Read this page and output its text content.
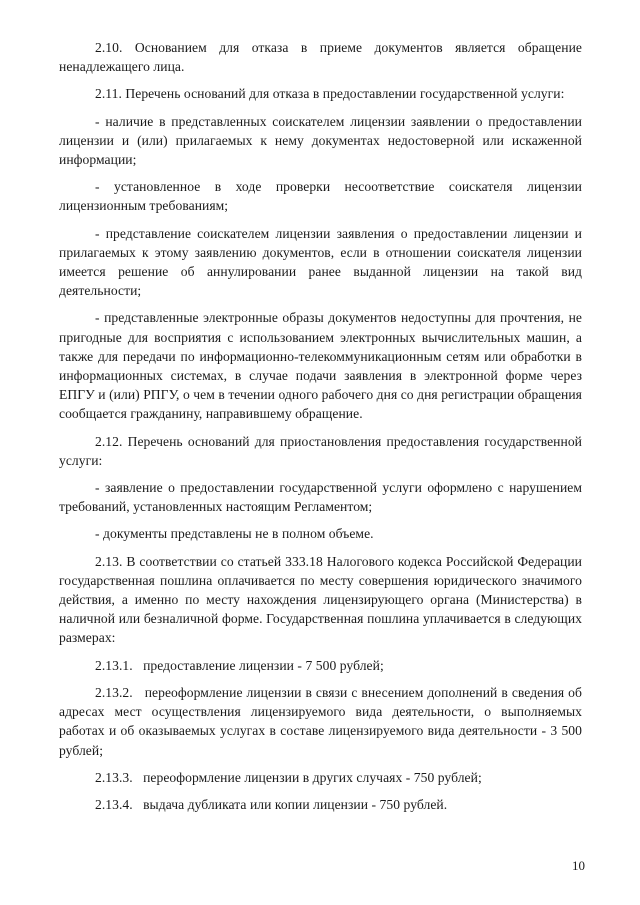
2.10. Основанием для отказа в приеме документов является обращение ненадлежащего лица.

2.11. Перечень оснований для отказа в предоставлении государственной услуги:

- наличие в представленных соискателем лицензии заявлении о предоставлении лицензии и (или) прилагаемых к нему документах недостоверной или искаженной информации;

- установленное в ходе проверки несоответствие соискателя лицензии лицензионным требованиям;

- представление соискателем лицензии заявления о предоставлении лицензии и прилагаемых к этому заявлению документов, если в отношении соискателя лицензии имеется решение об аннулировании ранее выданной лицензии на такой вид деятельности;

- представленные электронные образы документов недоступны для прочтения, не пригодные для восприятия с использованием электронных вычислительных машин, а также для передачи по информационно-телекоммуникационным сетям или обработки в информационных системах, в случае подачи заявления в электронной форме через ЕПГУ и (или) РПГУ, о чем в течении одного рабочего дня со дня регистрации обращения сообщается гражданину, направившему обращение.

2.12. Перечень оснований для приостановления предоставления государственной услуги:

- заявление о предоставлении государственной услуги оформлено с нарушением требований, установленных настоящим Регламентом;

- документы представлены не в полном объеме.

2.13. В соответствии со статьей 333.18 Налогового кодекса Российской Федерации государственная пошлина оплачивается по месту совершения юридического значимого действия, а именно по месту нахождения лицензирующего органа (Министерства) в наличной или безналичной форме. Государственная пошлина уплачивается в следующих размерах:

2.13.1.   предоставление лицензии - 7 500 рублей;

2.13.2.   переоформление лицензии в связи с внесением дополнений в сведения об адресах мест осуществления лицензируемого вида деятельности, о выполняемых работах и об оказываемых услугах в составе лицензируемого вида деятельности - 3 500 рублей;

2.13.3.   переоформление лицензии в других случаях - 750 рублей;

2.13.4.   выдача дубликата или копии лицензии - 750 рублей.

10
